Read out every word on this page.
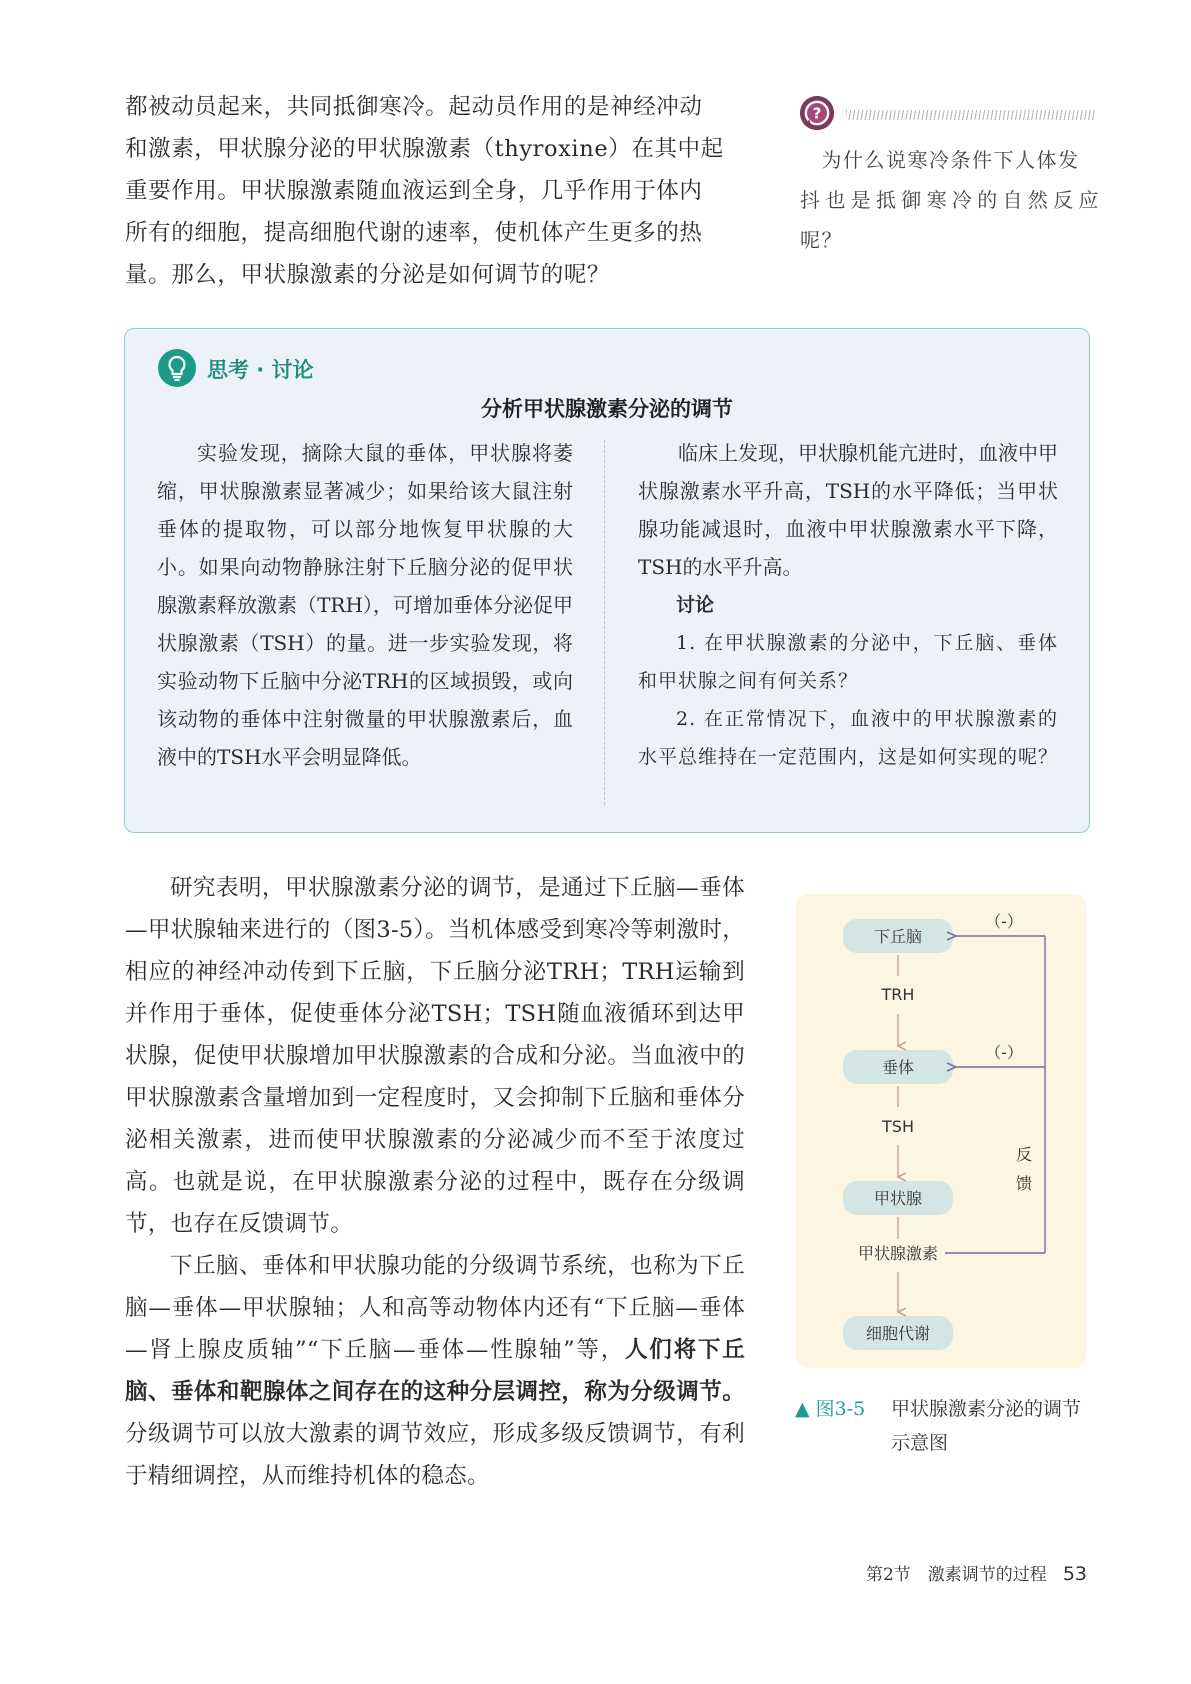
都被动员起来，共同抵御寒冷。起动员作用的是神经冲动

和激素，甲状腺分泌的甲状腺激素（thyroxine）在其中起

重要作用。甲状腺激素随血液运到全身，几乎作用于体内

所有的细胞，提高细胞代谢的速率，使机体产生更多的热

量。那么，甲状腺激素的分泌是如何调节的呢？

?

　为什么说寒冷条件下人体发

抖也是抵御寒冷的自然反应呢？

思考 · 讨论
分析甲状腺激素分泌的调节

实验发现，摘除大鼠的垂体，甲状腺将萎缩，甲状腺激素显著减少；如果给该大鼠注射垂体的提取物，可以部分地恢复甲状腺的大小。如果向动物静脉注射下丘脑分泌的促甲状腺激素释放激素（TRH），可增加垂体分泌促甲状腺激素（TSH）的量。进一步实验发现，将实验动物下丘脑中分泌TRH的区域损毁，或向该动物的垂体中注射微量的甲状腺激素后，血液中的TSH水平会明显降低。

临床上发现，甲状腺机能亢进时，血液中甲状腺激素水平升高，TSH的水平降低；当甲状腺功能减退时，血液中甲状腺激素水平下降，TSH的水平升高。

讨论

1. 在甲状腺激素的分泌中，下丘脑、垂体和甲状腺之间有何关系？

2. 在正常情况下，血液中的甲状腺激素的水平总维持在一定范围内，这是如何实现的呢？

研究表明，甲状腺激素分泌的调节，是通过下丘脑—垂体—甲状腺轴来进行的（图3-5）。当机体感受到寒冷等刺激时，相应的神经冲动传到下丘脑，下丘脑分泌TRH；TRH运输到并作用于垂体，促使垂体分泌TSH；TSH随血液循环到达甲状腺，促使甲状腺增加甲状腺激素的合成和分泌。当血液中的甲状腺激素含量增加到一定程度时，又会抑制下丘脑和垂体分泌相关激素，进而使甲状腺激素的分泌减少而不至于浓度过高。也就是说，在甲状腺激素分泌的过程中，既存在分级调节，也存在反馈调节。

下丘脑、垂体和甲状腺功能的分级调节系统，也称为下丘脑—垂体—甲状腺轴；人和高等动物体内还有“下丘脑—垂体—肾上腺皮质轴”“下丘脑—垂体—性腺轴”等，人们将下丘脑、垂体和靶腺体之间存在的这种分层调控，称为分级调节。分级调节可以放大激素的调节效应，形成多级反馈调节，有利于精细调控，从而维持机体的稳态。

下丘脑
垂体
甲状腺
细胞代谢
TRH
TSH
甲状腺激素
（-）
（-）
反
馈
▲ 图3-5	甲状腺激素分泌的调节示意图
第2节　激素调节的过程 53
